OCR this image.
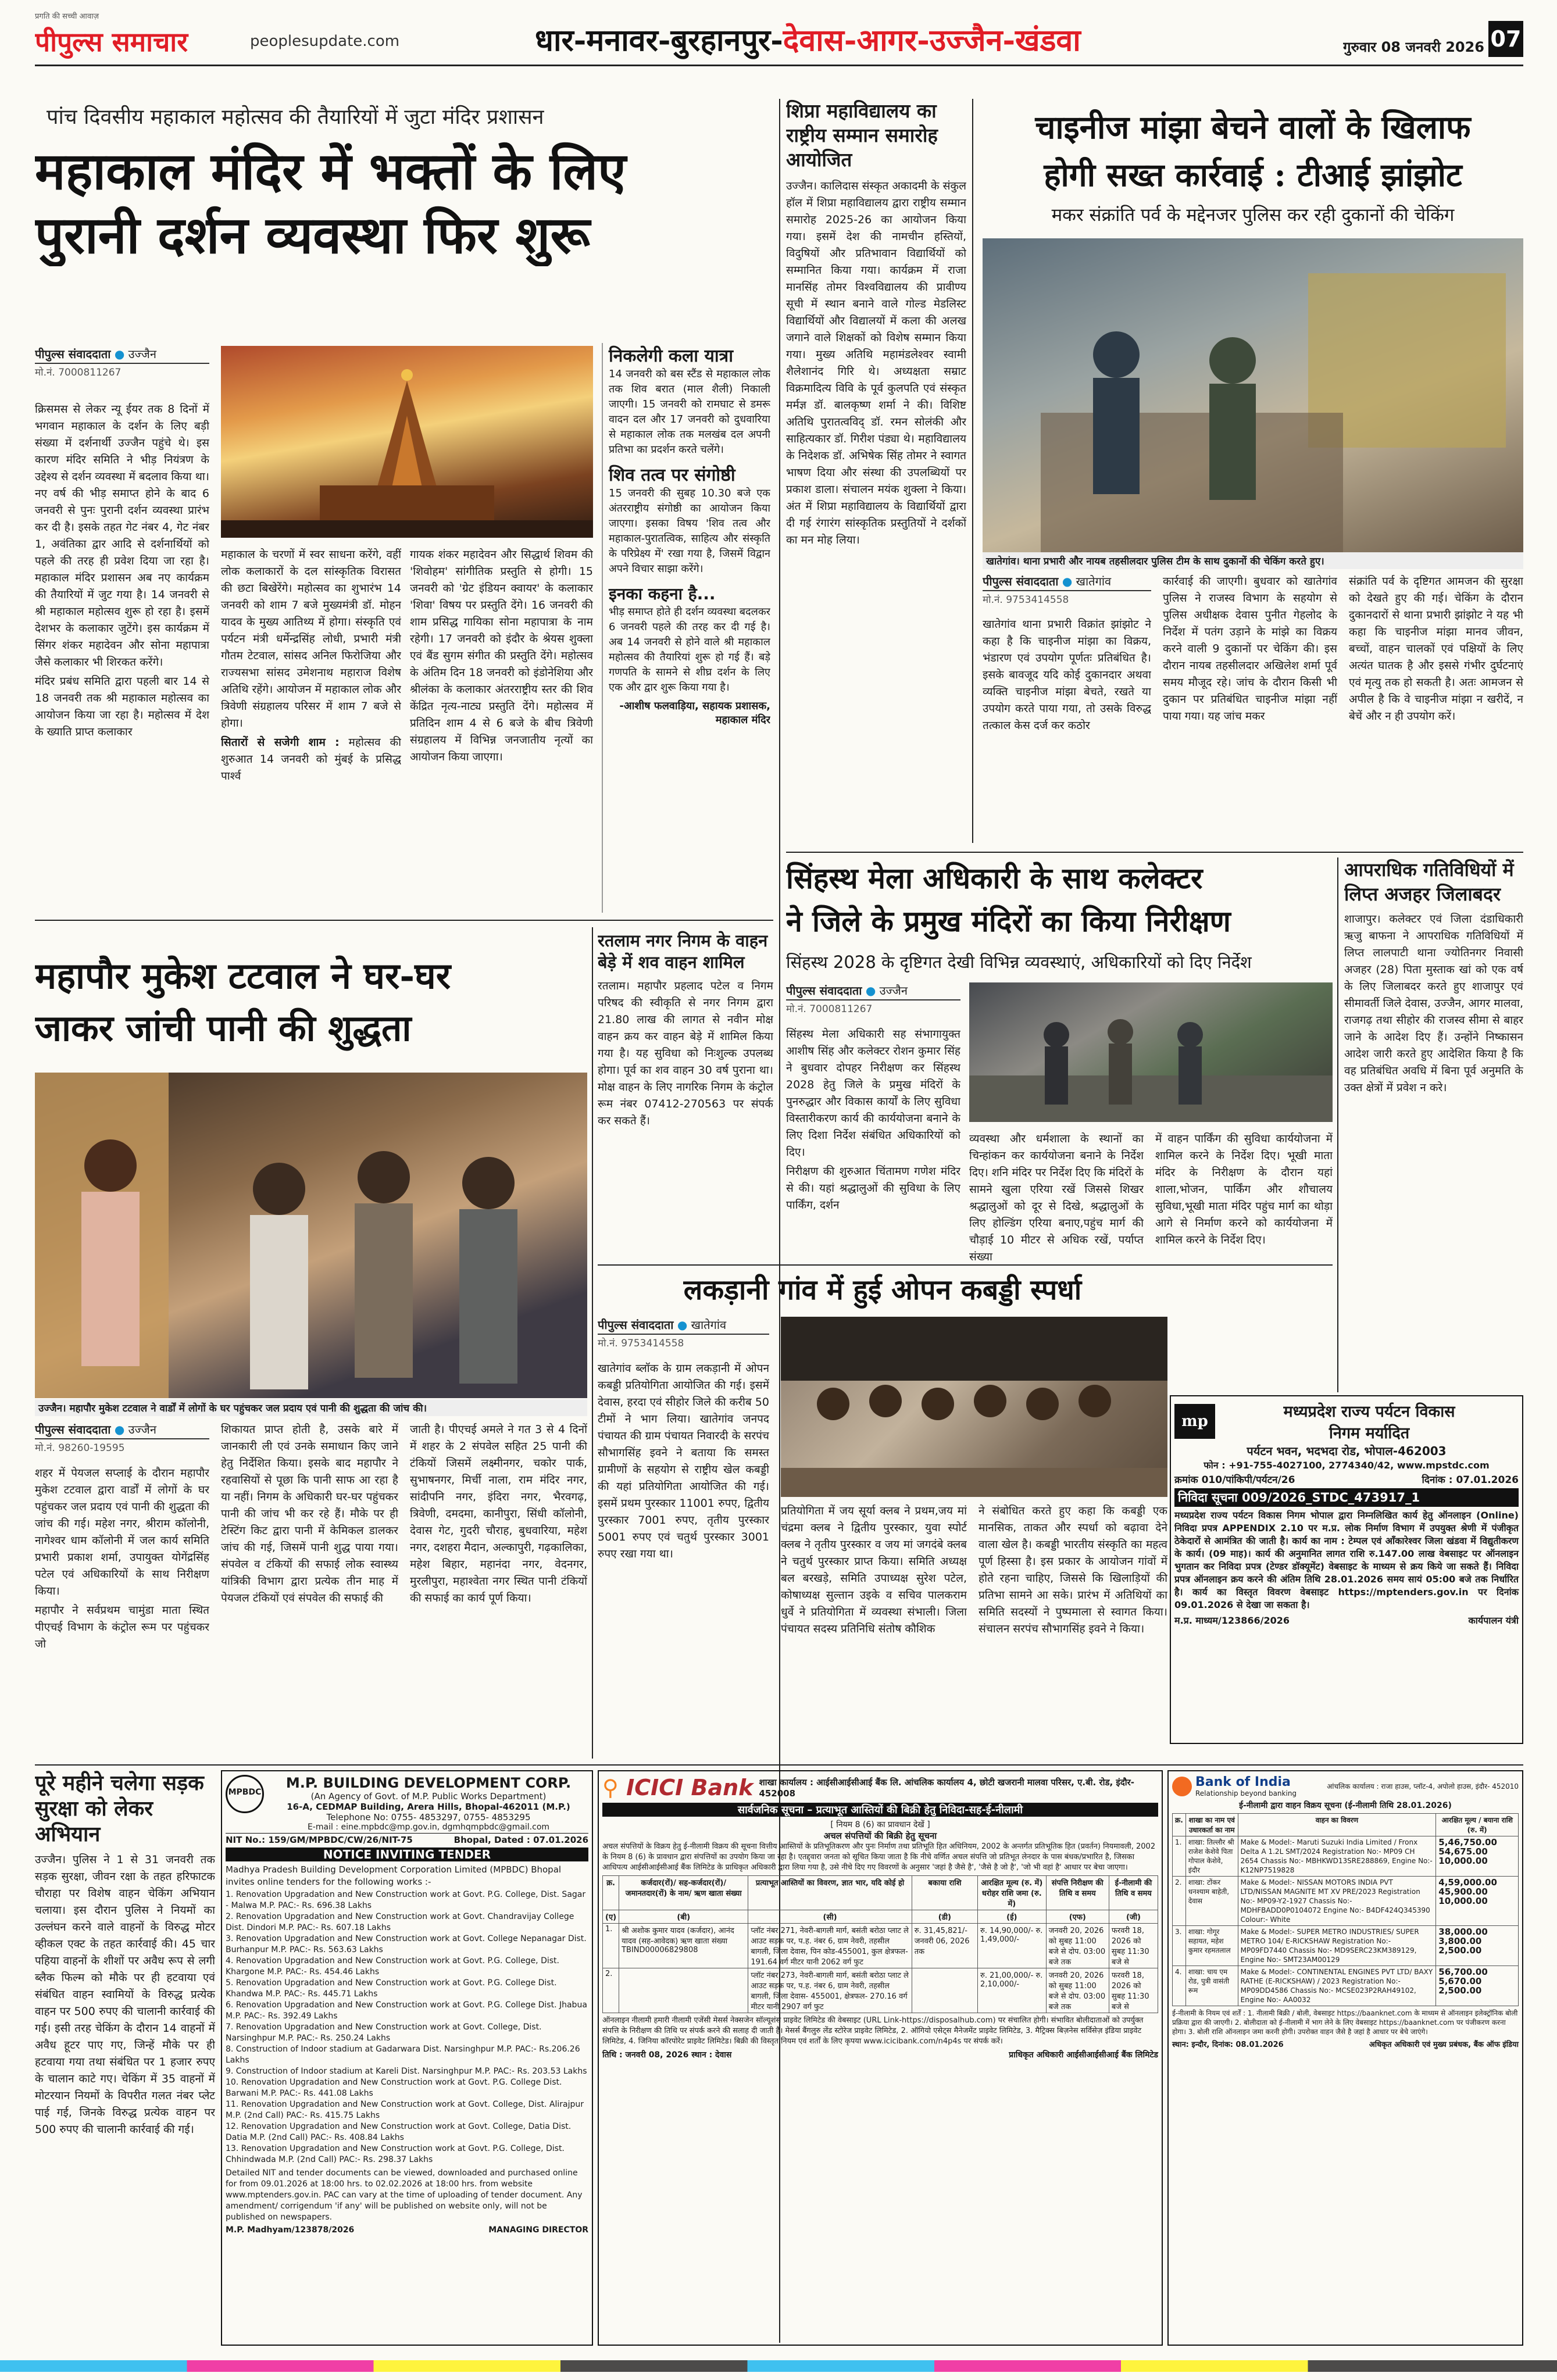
प्रगति की सच्ची आवाज़
पीपुल्स समाचार	peoplesupdate.com	धार-मनावर-बुरहानपुर-देवास-आगर-उज्जैन-खंडवा	गुरुवार 08 जनवरी 2026 07
पांच दिवसीय महाकाल महोत्सव की तैयारियों में जुटा मंदिर प्रशासन
महाकाल मंदिर में भक्तों के लिए
पुरानी दर्शन व्यवस्था फिर शुरू
पीपुल्स संवाददाता ● उज्जैन
मो.नं. 7000811267

क्रिसमस से लेकर न्यू ईयर तक 8 दिनों में भगवान महाकाल के दर्शन के लिए बड़ी संख्या में दर्शनार्थी उज्जैन पहुंचे थे। इस कारण मंदिर समिति ने भीड़ नियंत्रण के उद्देश्य से दर्शन व्यवस्था में बदलाव किया था। नए वर्ष की भीड़ समाप्त होने के बाद 6 जनवरी से पुनः पुरानी दर्शन व्यवस्था प्रारंभ कर दी है। इसके तहत गेट नंबर 4, गेट नंबर 1, अवंतिका द्वार आदि से दर्शनार्थियों को पहले की तरह ही प्रवेश दिया जा रहा है। महाकाल मंदिर प्रशासन अब नए कार्यक्रम की तैयारियों में जुट गया है। 14 जनवरी से श्री महाकाल महोत्सव शुरू हो रहा है। इसमें देशभर के कलाकार जुटेंगे। इस कार्यक्रम में सिंगर शंकर महादेवन और सोना महापात्रा जैसे कलाकार भी शिरकत करेंगे।

मंदिर प्रबंध समिति द्वारा पहली बार 14 से 18 जनवरी तक श्री महाकाल महोत्सव का आयोजन किया जा रहा है। महोत्सव में देश के ख्याति प्राप्त कलाकार

महाकाल के चरणों में स्वर साधना करेंगे, वहीं लोक कलाकारों के दल सांस्कृतिक विरासत की छटा बिखेरेंगे। महोत्सव का शुभारंभ 14 जनवरी को शाम 7 बजे मुख्यमंत्री डॉ. मोहन यादव के मुख्य आतिथ्य में होगा। संस्कृति एवं पर्यटन मंत्री धर्मेन्द्रसिंह लोधी, प्रभारी मंत्री गौतम टेटवाल, सांसद अनिल फिरोजिया और राज्यसभा सांसद उमेशनाथ महाराज विशेष अतिथि रहेंगे। आयोजन में महाकाल लोक और त्रिवेणी संग्रहालय परिसर में शाम 7 बजे से होगा।

सितारों से सजेगी शाम : महोत्सव की शुरुआत 14 जनवरी को मुंबई के प्रसिद्ध पार्श्व

गायक शंकर महादेवन और सिद्धार्थ शिवम की 'शिवोहम' सांगीतिक प्रस्तुति से होगी। 15 जनवरी को 'ग्रेट इंडियन क्वायर' के कलाकार 'शिवा' विषय पर प्रस्तुति देंगे। 16 जनवरी की शाम प्रसिद्ध गायिका सोना महापात्रा के नाम रहेगी। 17 जनवरी को इंदौर के श्रेयस शुक्ला एवं बैंड सुगम संगीत की प्रस्तुति देंगे। महोत्सव के अंतिम दिन 18 जनवरी को इंडोनेशिया और श्रीलंका के कलाकार अंतरराष्ट्रीय स्तर की शिव केंद्रित नृत्य-नाट्य प्रस्तुति देंगे। महोत्सव में प्रतिदिन शाम 4 से 6 बजे के बीच त्रिवेणी संग्रहालय में विभिन्न जनजातीय नृत्यों का आयोजन किया जाएगा।

निकलेगी कला यात्रा
14 जनवरी को बस स्टैंड से महाकाल लोक तक शिव बरात (माल शैली) निकाली जाएगी। 15 जनवरी को रामघाट से डमरू वादन दल और 17 जनवरी को दुधवारिया से महाकाल लोक तक मलखंब दल अपनी प्रतिभा का प्रदर्शन करते चलेंगे।
शिव तत्व पर संगोष्ठी
15 जनवरी की सुबह 10.30 बजे एक अंतरराष्ट्रीय संगोष्ठी का आयोजन किया जाएगा। इसका विषय 'शिव तत्व और महाकाल-पुरातत्विक, साहित्य और संस्कृति के परिप्रेक्ष्य में' रखा गया है, जिसमें विद्वान अपने विचार साझा करेंगे।
इनका कहना है...
भीड़ समाप्त होते ही दर्शन व्यवस्था बदलकर 6 जनवरी पहले की तरह कर दी गई है। अब 14 जनवरी से होने वाले श्री महाकाल महोत्सव की तैयारियां शुरू हो गई हैं। बड़े गणपति के सामने से शीघ्र दर्शन के लिए एक और द्वार शुरू किया गया है।
-आशीष फलवाड़िया, सहायक प्रशासक, महाकाल मंदिर
शिप्रा महाविद्यालय का राष्ट्रीय सम्मान समारोह आयोजित
उज्जैन। कालिदास संस्कृत अकादमी के संकुल हॉल में शिप्रा महाविद्यालय द्वारा राष्ट्रीय सम्मान समारोह 2025-26 का आयोजन किया गया। इसमें देश की नामचीन हस्तियों, विदुषियों और प्रतिभावान विद्यार्थियों को सम्मानित किया गया। कार्यक्रम में राजा मानसिंह तोमर विश्वविद्यालय की प्रावीण्य सूची में स्थान बनाने वाले गोल्ड मेडलिस्ट विद्यार्थियों और विद्यालयों में कला की अलख जगाने वाले शिक्षकों को विशेष सम्मान किया गया। मुख्य अतिथि महामंडलेश्वर स्वामी शैलेशानंद गिरि थे। अध्यक्षता सम्राट विक्रमादित्य विवि के पूर्व कुलपति एवं संस्कृत मर्मज्ञ डॉ. बालकृष्ण शर्मा ने की। विशिष्ट अतिथि पुरातत्वविद् डॉ. रमन सोलंकी और साहित्यकार डॉ. गिरीश पंड्या थे। महाविद्यालय के निदेशक डॉ. अभिषेक सिंह तोमर ने स्वागत भाषण दिया और संस्था की उपलब्धियों पर प्रकाश डाला। संचालन मयंक शुक्ला ने किया। अंत में शिप्रा महाविद्यालय के विद्यार्थियों द्वारा दी गई रंगारंग सांस्कृतिक प्रस्तुतियों ने दर्शकों का मन मोह लिया।
चाइनीज मांझा बेचने वालों के खिलाफ
होगी सख्त कार्रवाई : टीआई झांझोट
मकर संक्रांति पर्व के मद्देनजर पुलिस कर रही दुकानों की चेकिंग
खातेगांव। थाना प्रभारी और नायब तहसीलदार पुलिस टीम के साथ दुकानों की चेकिंग करते हुए।
पीपुल्स संवाददाता ● खातेगांव
मो.नं. 9753414558
खातेगांव थाना प्रभारी विक्रांत झांझोट ने कहा है कि चाइनीज मांझा का विक्रय, भंडारण एवं उपयोग पूर्णतः प्रतिबंधित है। इसके बावजूद यदि कोई दुकानदार अथवा व्यक्ति चाइनीज मांझा बेचते, रखते या उपयोग करते पाया गया, तो उसके विरुद्ध तत्काल केस दर्ज कर कठोर
कार्रवाई की जाएगी। बुधवार को खातेगांव पुलिस ने राजस्व विभाग के सहयोग से पुलिस अधीक्षक देवास पुनीत गेहलोद के निर्देश में पतंग उड़ाने के मांझे का विक्रय करने वाली 9 दुकानों पर चेकिंग की। इस दौरान नायब तहसीलदार अखिलेश शर्मा पूर्व समय मौजूद रहे। जांच के दौरान किसी भी दुकान पर प्रतिबंधित चाइनीज मांझा नहीं पाया गया। यह जांच मकर
संक्रांति पर्व के दृष्टिगत आमजन की सुरक्षा को देखते हुए की गई। चेकिंग के दौरान दुकानदारों से थाना प्रभारी झांझोट ने यह भी कहा कि चाइनीज मांझा मानव जीवन, बच्चों, वाहन चालकों एवं पक्षियों के लिए अत्यंत घातक है और इससे गंभीर दुर्घटनाएं एवं मृत्यु तक हो सकती है। अतः आमजन से अपील है कि वे चाइनीज मांझा न खरीदें, न बेचें और न ही उपयोग करें।
सिंहस्थ मेला अधिकारी के साथ कलेक्टर
ने जिले के प्रमुख मंदिरों का किया निरीक्षण
सिंहस्थ 2028 के दृष्टिगत देखी विभिन्न व्यवस्थाएं, अधिकारियों को दिए निर्देश
पीपुल्स संवाददाता ● उज्जैन
मो.नं. 7000811267

सिंहस्थ मेला अधिकारी सह संभागायुक्त आशीष सिंह और कलेक्टर रोशन कुमार सिंह ने बुधवार दोपहर निरीक्षण कर सिंहस्थ 2028 हेतु जिले के प्रमुख मंदिरों के पुनरुद्धार और विकास कार्यों के लिए सुविधा विस्तारीकरण कार्य की कार्ययोजना बनाने के लिए दिशा निर्देश संबंधित अधिकारियों को दिए।

निरीक्षण की शुरुआत चिंतामण गणेश मंदिर से की। यहां श्रद्धालुओं की सुविधा के लिए पार्किंग, दर्शन

व्यवस्था और धर्मशाला के स्थानों का चिन्हांकन कर कार्ययोजना बनाने के निर्देश दिए। शनि मंदिर पर निर्देश दिए कि मंदिरों के सामने खुला एरिया रखें जिससे शिखर श्रद्धालुओं को दूर से दिखे, श्रद्धालुओं के लिए होल्डिंग एरिया बनाए,पहुंच मार्ग की चौड़ाई 10 मीटर से अधिक रखें, पर्याप्त संख्या
में वाहन पार्किंग की सुविधा कार्ययोजना में शामिल करने के निर्देश दिए। भूखी माता मंदिर के निरीक्षण के दौरान यहां शाला,भोजन, पार्किंग और शौचालय सुविधा,भूखी माता मंदिर पहुंच मार्ग का थोड़ा आगे से निर्माण करने को कार्ययोजना में शामिल करने के निर्देश दिए।
आपराधिक गतिविधियों में लिप्त अजहर जिलाबदर
शाजापुर। कलेक्टर एवं जिला दंडाधिकारी ऋजु बाफना ने आपराधिक गतिविधियों में लिप्त लालपाटी थाना ज्योतिनगर निवासी अजहर (28) पिता मुस्ताक खां को एक वर्ष के लिए जिलाबदर करते हुए शाजापुर एवं सीमावर्ती जिले देवास, उज्जैन, आगर मालवा, राजगढ़ तथा सीहोर की राजस्व सीमा से बाहर जाने के आदेश दिए हैं। उन्होंने निष्कासन आदेश जारी करते हुए आदेशित किया है कि वह प्रतिबंधित अवधि में बिना पूर्व अनुमति के उक्त क्षेत्रों में प्रवेश न करे।
महापौर मुकेश टटवाल ने घर-घर
जाकर जांची पानी की शुद्धता
उज्जैन। महापौर मुकेश टटवाल ने वार्डों में लोगों के घर पहुंचकर जल प्रदाय एवं पानी की शुद्धता की जांच की।
पीपुल्स संवाददाता ● उज्जैन
मो.नं. 98260-19595

शहर में पेयजल सप्लाई के दौरान महापौर मुकेश टटवाल द्वारा वार्डों में लोगों के घर पहुंचकर जल प्रदाय एवं पानी की शुद्धता की जांच की गई। महेश नगर, श्रीराम कॉलोनी, नागेश्वर धाम कॉलोनी में जल कार्य समिति प्रभारी प्रकाश शर्मा, उपायुक्त योगेंद्रसिंह पटेल एवं अधिकारियों के साथ निरीक्षण किया।

महापौर ने सर्वप्रथम चामुंडा माता स्थित पीएचई विभाग के कंट्रोल रूम पर पहुंचकर जो

शिकायत प्राप्त होती है, उसके बारे में जानकारी ली एवं उनके समाधान किए जाने हेतु निर्देशित किया। इसके बाद महापौर ने रहवासियों से पूछा कि पानी साफ आ रहा है या नहीं। निगम के अधिकारी घर-घर पहुंचकर पानी की जांच भी कर रहे हैं। मौके पर ही टेस्टिंग किट द्वारा पानी में केमिकल डालकर जांच की गई, जिसमें पानी शुद्ध पाया गया। संपवेल व टंकियों की सफाई लोक स्वास्थ्य यांत्रिकी विभाग द्वारा प्रत्येक तीन माह में पेयजल टंकियों एवं संपवेल की सफाई की
जाती है। पीएचई अमले ने गत 3 से 4 दिनों में शहर के 2 संपवेल सहित 25 पानी की टंकियों जिसमें लक्ष्मीनगर, चकोर पार्क, सुभाषनगर, मिर्ची नाला, राम मंदिर नगर, सांदीपनि नगर, इंदिरा नगर, भैरवगढ़, त्रिवेणी, दमदमा, कानीपुरा, सिंधी कॉलोनी, देवास गेट, गुदरी चौराह, बुधवारिया, महेश नगर, दशहरा मैदान, अल्कापुरी, गढ़कालिका, महेश बिहार, महानंदा नगर, वेदनगर, मुरलीपुरा, महाश्वेता नगर स्थित पानी टंकियों की सफाई का कार्य पूर्ण किया।
रतलाम नगर निगम के वाहन बेड़े में शव वाहन शामिल
रतलाम। महापौर प्रहलाद पटेल व निगम परिषद की स्वीकृति से नगर निगम द्वारा 21.80 लाख की लागत से नवीन मोक्ष वाहन क्रय कर वाहन बेड़े में शामिल किया गया है। यह सुविधा को निःशुल्क उपलब्ध होगा। पूर्व का शव वाहन 30 वर्ष पुराना था। मोक्ष वाहन के लिए नागरिक निगम के कंट्रोल रूम नंबर 07412-270563 पर संपर्क कर सकते हैं।
लकड़ानी गांव में हुई ओपन कबड्डी स्पर्धा
पीपुल्स संवाददाता ● खातेगांव
मो.नं. 9753414558
खातेगांव ब्लॉक के ग्राम लकड़ानी में ओपन कबड्डी प्रतियोगिता आयोजित की गई। इसमें देवास, हरदा एवं सीहोर जिले की करीब 50 टीमों ने भाग लिया। खातेगांव जनपद पंचायत की ग्राम पंचायत निवारदी के सरपंच सौभागसिंह इवने ने बताया कि समस्त ग्रामीणों के सहयोग से राष्ट्रीय खेल कबड्डी की यहां प्रतियोगिता आयोजित की गई। इसमें प्रथम पुरस्कार 11001 रुपए, द्वितीय पुरस्कार 7001 रुपए, तृतीय पुरस्कार 5001 रुपए एवं चतुर्थ पुरस्कार 3001 रुपए रखा गया था।
प्रतियोगिता में जय सूर्या क्लब ने प्रथम,जय मां चंद्रमा क्लब ने द्वितीय पुरस्कार, युवा स्पोर्ट क्लब ने तृतीय पुरस्कार व जय मां जगदंबे क्लब ने चतुर्थ पुरस्कार प्राप्त किया। समिति अध्यक्ष बल बरखड़े, समिति उपाध्यक्ष सुरेश पटेल, कोषाध्यक्ष सुल्तान उइके व सचिव पालकराम धुर्वे ने प्रतियोगिता में व्यवस्था संभाली। जिला पंचायत सदस्य प्रतिनिधि संतोष कौशिक
ने संबोधित करते हुए कहा कि कबड्डी एक मानसिक, ताकत और स्पर्धा को बढ़ावा देने वाला खेल है। कबड्डी भारतीय संस्कृति का महत्व पूर्ण हिस्सा है। इस प्रकार के आयोजन गांवों में होते रहना चाहिए, जिससे कि खिलाड़ियों की प्रतिभा सामने आ सके। प्रारंभ में अतिथियों का समिति सदस्यों ने पुष्पमाला से स्वागत किया। संचालन सरपंच सौभागसिंह इवने ने किया।
mp
मध्यप्रदेश राज्य पर्यटन विकास
निगम मर्यादित
पर्यटन भवन, भदभदा रोड, भोपाल-462003
फोन : +91-755-4027100, 2774340/42, www.mpstdc.com
क्रमांक 010/पांकिपी/पर्यटन/26	दिनांक : 07.01.2026
निविदा सूचना 009/2026_STDC_473917_1
मध्यप्रदेश राज्य पर्यटन विकास निगम भोपाल द्वारा निम्नलिखित कार्य हेतु ऑनलाइन (Online) निविदा प्रपत्र APPENDIX 2.10 पर म.प्र. लोक निर्माण विभाग में उपयुक्त श्रेणी में पंजीकृत ठेकेदारों से आमंत्रित की जाती है। कार्य का नाम : टेम्पल एवं ऑंकारेश्वर जिला खंडवा में विद्युतीकरण के कार्य। (09 माह)। कार्य की अनुमानित लागत राशि रु.147.00 लाख वेबसाइट पर ऑनलाइन भुगतान कर निविदा प्रपत्र (टेण्डर डॉक्यूमेंट) वेबसाइट के माध्यम से क्रय किये जा सकते हैं। निविदा प्रपत्र ऑनलाइन क्रय करने की अंतिम तिथि 28.01.2026 समय सायं 05:00 बजे तक निर्धारित है। कार्य का विस्तृत विवरण वेबसाइट https://mptenders.gov.in पर दिनांक 09.01.2026 से देखा जा सकता है।
म.प्र. माध्यम/123866/2026	कार्यपालन यंत्री
पूरे महीने चलेगा सड़क सुरक्षा को लेकर अभियान
उज्जैन। पुलिस ने 1 से 31 जनवरी तक सड़क सुरक्षा, जीवन रक्षा के तहत हरिफाटक चौराहा पर विशेष वाहन चेकिंग अभियान चलाया। इस दौरान पुलिस ने नियमों का उल्लंघन करने वाले वाहनों के विरुद्ध मोटर व्हीकल एक्ट के तहत कार्रवाई की। 45 चार पहिया वाहनों के शीशों पर अवैध रूप से लगी ब्लैक फिल्म को मौके पर ही हटवाया एवं संबंधित वाहन स्वामियों के विरुद्ध प्रत्येक वाहन पर 500 रुपए की चालानी कार्रवाई की गई। इसी तरह चेकिंग के दौरान 14 वाहनों में अवैध हूटर पाए गए, जिन्हें मौके पर ही हटवाया गया तथा संबंधित पर 1 हजार रुपए के चालान काटे गए। चेकिंग में 35 वाहनों में मोटरयान नियमों के विपरीत गलत नंबर प्लेट पाई गई, जिनके विरुद्ध प्रत्येक वाहन पर 500 रुपए की चालानी कार्रवाई की गई।
MPBDC
M.P. BUILDING DEVELOPMENT CORP.
(An Agency of Govt. of M.P. Public Works Department)
16-A, CEDMAP Building, Arera Hills, Bhopal-462011 (M.P.)
Telephone No: 0755- 4853297, 0755- 4853295
E-mail : eine.mpbdc@mp.gov.in, dgmhqmpbdc@gmail.com
NIT No.: 159/GM/MPBDC/CW/26/NIT-75	Bhopal, Dated : 07.01.2026
NOTICE INVITING TENDER
Madhya Pradesh Building Development Corporation Limited (MPBDC) Bhopal invites online tenders for the following works :-
1. Renovation Upgradation and New Construction work at Govt. P.G. College, Dist. Sagar - Malwa M.P. PAC:- Rs. 696.38 Lakhs
2. Renovation Upgradation and New Construction work at Govt. Chandravijay College Dist. Dindori M.P. PAC:- Rs. 607.18 Lakhs
3. Renovation Upgradation and New Construction work at Govt. College Nepanagar Dist. Burhanpur M.P. PAC:- Rs. 563.63 Lakhs
4. Renovation Upgradation and New Construction work at Govt. P.G. College, Dist. Khargone M.P. PAC:- Rs. 454.46 Lakhs
5. Renovation Upgradation and New Construction work at Govt. P.G. College Dist. Khandwa M.P. PAC:- Rs. 445.71 Lakhs
6. Renovation Upgradation and New Construction work at Govt. P.G. College Dist. Jhabua M.P. PAC:- Rs. 392.49 Lakhs
7. Renovation Upgradation and New Construction work at Govt. College, Dist. Narsinghpur M.P. PAC:- Rs. 250.24 Lakhs
8. Construction of Indoor stadium at Gadarwara Dist. Narsinghpur M.P. PAC:- Rs.206.26 Lakhs
9. Construction of Indoor stadium at Kareli Dist. Narsinghpur M.P. PAC:- Rs. 203.53 Lakhs
10. Renovation Upgradation and New Construction work at Govt. P.G. College Dist. Barwani M.P. PAC:- Rs. 441.08 Lakhs
11. Renovation Upgradation and New Construction work at Govt. College, Dist. Alirajpur M.P. (2nd Call) PAC:- Rs. 415.75 Lakhs
12. Renovation Upgradation and New Construction work at Govt. College, Datia Dist. Datia M.P. (2nd Call) PAC:- Rs. 408.84 Lakhs
13. Renovation Upgradation and New Construction work at Govt. P.G. College, Dist. Chhindwada M.P. (2nd Call) PAC:- Rs. 298.37 Lakhs
Detailed NIT and tender documents can be viewed, downloaded and purchased online for from 09.01.2026 at 18:00 hrs. to 02.02.2026 at 18:00 hrs. from website www.mptenders.gov.in. PAC can vary at the time of uploading of tender document. Any amendment/ corrigendum 'if any' will be published on website only, will not be published on newspapers.
M.P. Madhyam/123878/2026	MANAGING DIRECTOR
⚲ ICICI Bank शाखा कार्यालय : आईसीआईसीआई बैंक लि. आंचलिक कार्यालय 4, छोटी खजरानी मालवा परिसर, ए.बी. रोड, इंदौर- 452008
सार्वजनिक सूचना – प्रत्याभूत आस्तियों की बिक्री हेतु निविदा-सह-ई-नीलामी
[ नियम 8 (6) का प्रावधान देखें ]
अचल संपत्तियों की बिक्री हेतु सूचना
अचल संपत्तियों के विक्रय हेतु ई-नीलामी विक्रय की सूचना वित्तीय आस्तियों के प्रतिभूतिकरण और पुनः निर्माण तथा प्रतिभूति हित अधिनियम, 2002 के अन्तर्गत प्रतिभूतिक हित (प्रवर्तन) नियमावली, 2002 के नियम 8 (6) के प्रावधान द्वारा संपत्तियों का उपयोग किया जा रहा है। एतद्द्वारा जनता को सूचित किया जाता है कि नीचे वर्णित अचल संपत्ति जो प्रतिभूत लेनदार के पास बंधक/प्रभारित है, जिसका आधिपत्य आईसीआईसीआई बैंक लिमिटेड के प्राधिकृत अधिकारी द्वारा लिया गया है, उसे नीचे दिए गए विवरणों के अनुसार 'जहां है जैसे है', 'जैसे है जो है', 'जो भी वहां है' आधार पर बेचा जाएगा।
क्र.	कर्जदार(रों)/ सह-कर्जदार(रों)/ जमानतदार(रों) के नाम/ ऋण खाता संख्या	प्रत्याभूत आस्तियों का विवरण, ज्ञात भार, यदि कोई हो	बकाया राशि	आरक्षित मूल्य (रु. में) धरोहर राशि जमा (रु. में)	संपत्ति निरीक्षण की तिथि व समय	ई-नीलामी की तिथि व समय
(ए)	(बी)	(सी)	(डी)	(ई)	(एफ)	(जी)
1.	श्री अशोक कुमार यादव (कर्जदार), आनंद यादव (सह-आवेदक) ऋण खाता संख्या TBIND00006829808	प्लॉट नंबर 271, नेवरी-बागली मार्ग, बसंती बरोठा प्लाट ले आउट सड़क पर, प.ह. नंबर 6, ग्राम नेवरी, तहसील बागली, जिला देवास, पिन कोड-455001, कुल क्षेत्रफल- 191.64 वर्ग मीटर यानी 2062 वर्ग फुट	रु. 31,45,821/- जनवरी 06, 2026 तक	रु. 14,90,000/- रु. 1,49,000/-	जनवरी 20, 2026 को सुबह 11:00 बजे से दोप. 03:00 बजे तक	फरवरी 18, 2026 को सुबह 11:30 बजे से
2.		प्लॉट नंबर 273, नेवरी-बागली मार्ग, बसंती बरोठा प्लाट ले आउट सड़क पर, प.ह. नंबर 6, ग्राम नेवरी, तहसील बागली, जिला देवास- 455001, क्षेत्रफल- 270.16 वर्ग मीटर यानी 2907 वर्ग फुट		रु. 21,00,000/- रु. 2,10,000/-	जनवरी 20, 2026 को सुबह 11:00 बजे से दोप. 03:00 बजे तक	फरवरी 18, 2026 को सुबह 11:30 बजे से
ऑनलाइन नीलामी हमारी नीलामी एजेंसी मेसर्स नेक्सजेन सॉल्यूशंस प्राइवेट लिमिटेड की वेबसाइट (URL Link-https://disposalhub.com) पर संचालित होगी। संभावित बोलीदाताओं को उपर्युक्त संपत्ति के निरीक्षण की तिथि पर संपर्क करने की सलाह दी जाती है। मेसर्स बैंगलुरु लेंड स्टोरेज प्राइवेट लिमिटेड, 2. ऑगियो एसेट्स मैनेजमेंट प्राइवेट लिमिटेड, 3. मैट्रिक्स बिज़नेस सर्विसेज़ इंडिया प्राइवेट लिमिटेड, 4. जिनिया कॉरपोरेट प्राइवेट लिमिटेड। बिक्री की विस्तृत नियम एवं शर्तों के लिए कृपया www.icicibank.com/n4p4s पर संपर्क करें।
तिथि : जनवरी 08, 2026 स्थान : देवास	प्राधिकृत अधिकारी आईसीआईसीआई बैंक लिमिटेड
Bank of India
Relationship beyond banking
आंचलिक कार्यालय : राजा हाउस, प्लॉट-4, अपोलो हाउस, इंदौर- 452010
ई-नीलामी द्वारा वाहन विक्रय सूचना (ई-नीलामी तिथि 28.01.2026)
क्र.	शाखा का नाम एवं उधारकर्ता का नाम	वाहन का विवरण	आरक्षित मूल्य / बयाना राशि (रु. में)
1.	शाखा: तिल्लौर श्री राजेश केशेवे पिता गोपाल केशेवे, इंदौर	Make & Model:- Maruti Suzuki India Limited / Fronx Delta A 1.2L SMT/2024 Registration No:- MP09 CH 2654 Chassis No:- MBHKWD13SRE288869, Engine No:- K12NP7519828	5,46,750.00 54,675.00 10,000.00
2.	शाखा: टोंकर धनश्याम बाहेती, देवास	Make & Model:- NISSAN MOTORS INDIA PVT LTD/NISSAN MAGNITE MT XV PRE/2023 Registration No:- MP09-Y2-1927 Chassis No:- MDHFBADD0P0104072 Engine No:- B4DF424Q345390 Colour:- White	4,59,000.00 45,900.00 10,000.00
3.	शाखा: गोगूर सहायत, महेश कुमार रहमतलाल	Make & Model:- SUPER METRO INDUSTRIES/ SUPER METRO 104/ E-RICKSHAW Registration No:- MP09FD7440 Chassis No:- MD9SERC23KM389129, Engine No:- SMT23AM00129	38,000.00 3,800.00 2,500.00
4.	शाखा: चाय एम रोड, पुत्री वासंती रूम	Make & Model:- CONTINENTAL ENGINES PVT LTD/ BAXY RATHE (E-RICKSHAW) / 2023 Registration No:- MP09DD4586 Chassis No:- MCSE023P2RAH49102, Engine No:- AA0032	56,700.00 5,670.00 2,500.00
ई-नीलामी के नियम एवं शर्तें : 1. नीलामी बिक्री / बोली, वेबसाइट https://baanknet.com के माध्यम से ऑनलाइन इलेक्ट्रॉनिक बोली प्रक्रिया द्वारा की जाएगी। 2. बोलीदाता को ई-नीलामी में भाग लेने के लिए वेबसाइट https://baanknet.com पर पंजीकरण करना होगा। 3. बोली राशि ऑनलाइन जमा करनी होगी। उपरोक्त वाहन जैसे है जहां है आधार पर बेचे जाएंगे।
स्थान: इन्दौर, दिनांक: 08.01.2026	अधिकृत अधिकारी एवं मुख्य प्रबंधक, बैंक ऑफ इंडिया
